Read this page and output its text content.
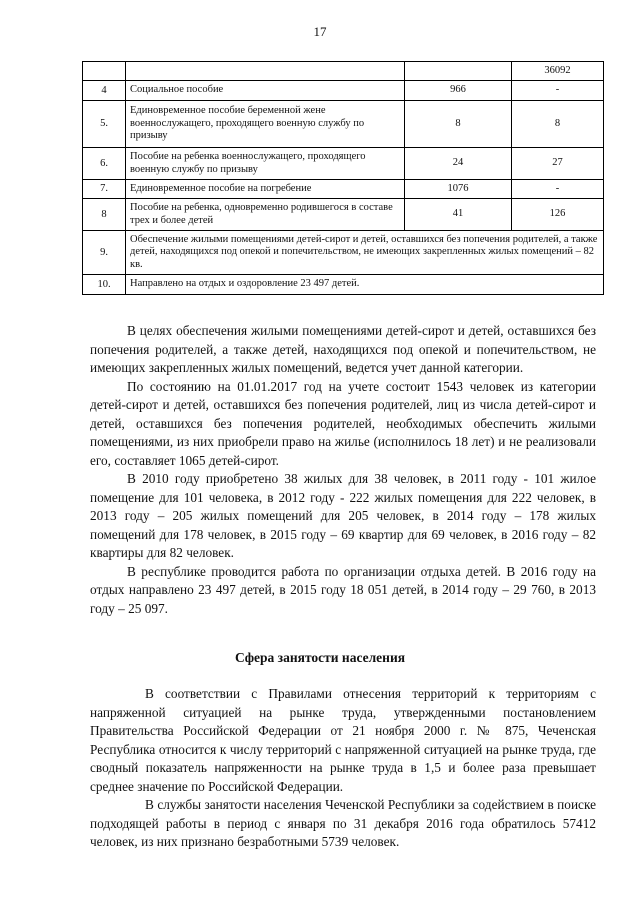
17
			36092
4	Социальное пособие	966	-
5.	Единовременное пособие беременной жене военнослужащего, проходящего военную службу по призыву	8	8
6.	Пособие на ребенка военнослужащего, проходящего военную службу по призыву	24	27
7.	Единовременное пособие на погребение	1076	-
8	Пособие на ребенка, одновременно родившегося в составе трех и более детей	41	126
9.	Обеспечение жилыми помещениями детей-сирот и детей, оставшихся без попечения родителей, а также детей, находящихся под опекой и попечительством, не имеющих закрепленных жилых помещений – 82 кв.		
10.	Направлено на отдых и оздоровление 23 497 детей.		

В целях обеспечения жилыми помещениями детей-сирот и детей, оставшихся без попечения родителей, а также детей, находящихся под опекой и попечительством, не имеющих закрепленных жилых помещений, ведется учет данной категории.

По состоянию на 01.01.2017 год на учете состоит 1543 человек из категории детей-сирот и детей, оставшихся без попечения родителей, лиц из числа детей-сирот и детей, оставшихся без попечения родителей, необходимых обеспечить жилыми помещениями, из них приобрели право на жилье (исполнилось 18 лет) и не реализовали его, составляет 1065 детей-сирот.

В 2010 году приобретено 38 жилых для 38 человек, в 2011 году - 101 жилое помещение для 101 человека, в 2012 году - 222 жилых помещения для 222 человек, в 2013 году – 205 жилых помещений для 205 человек, в 2014 году – 178 жилых помещений для 178 человек, в 2015 году – 69 квартир для 69 человек, в 2016 году – 82 квартиры для 82 человек.

В республике проводится работа по организации отдыха детей. В 2016 году на отдых направлено 23 497 детей, в 2015 году 18 051 детей, в 2014 году – 29 760, в 2013 году – 25 097.

Сфера занятости населения

В соответствии с Правилами отнесения территорий к территориям с напряженной ситуацией на рынке труда, утвержденными постановлением Правительства Российской Федерации от 21 ноября 2000 г. № 875, Чеченская Республика относится к числу территорий с напряженной ситуацией на рынке труда, где сводный показатель напряженности на рынке труда в 1,5 и более раза превышает среднее значение по Российской Федерации.

В службы занятости населения Чеченской Республики за содействием в поиске подходящей работы в период с января по 31 декабря 2016 года обратилось 57412 человек, из них признано безработными 5739 человек.
